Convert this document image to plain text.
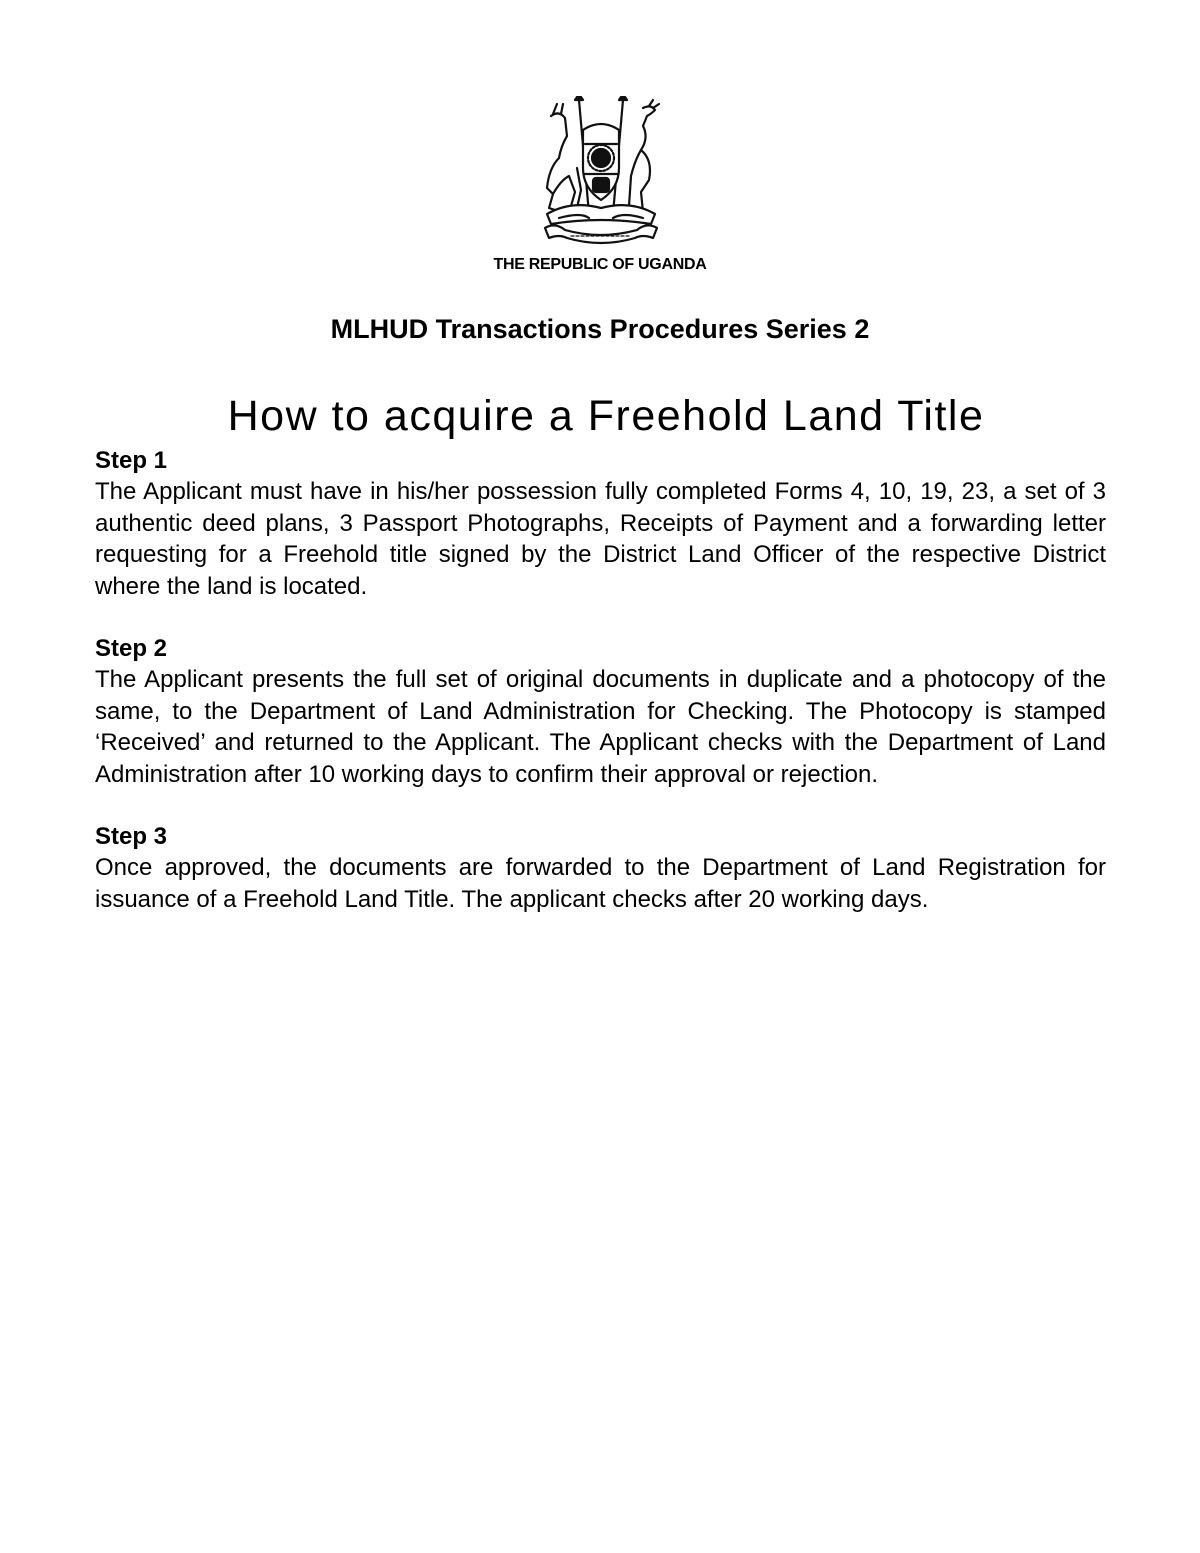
THE REPUBLIC OF UGANDA
MLHUD Transactions Procedures Series 2
How to acquire a Freehold Land Title
Step 1

The Applicant must have in his/her possession fully completed Forms 4, 10, 19, 23, a set of 3 authentic deed plans, 3 Passport Photographs, Receipts of Payment and a forwarding letter requesting for a Freehold title signed by the District Land Officer of the respective District where the land is located.

Step 2

The Applicant presents the full set of original documents in duplicate and a photocopy of the same, to the Department of Land Administration for Checking. The Photocopy is stamped ‘Received’ and returned to the Applicant. The Applicant checks with the Department of Land Administration after 10 working days to confirm their approval or rejection.

Step 3

Once approved, the documents are forwarded to the Department of Land Registration for issuance of a Freehold Land Title. The applicant checks after 20 working days.
